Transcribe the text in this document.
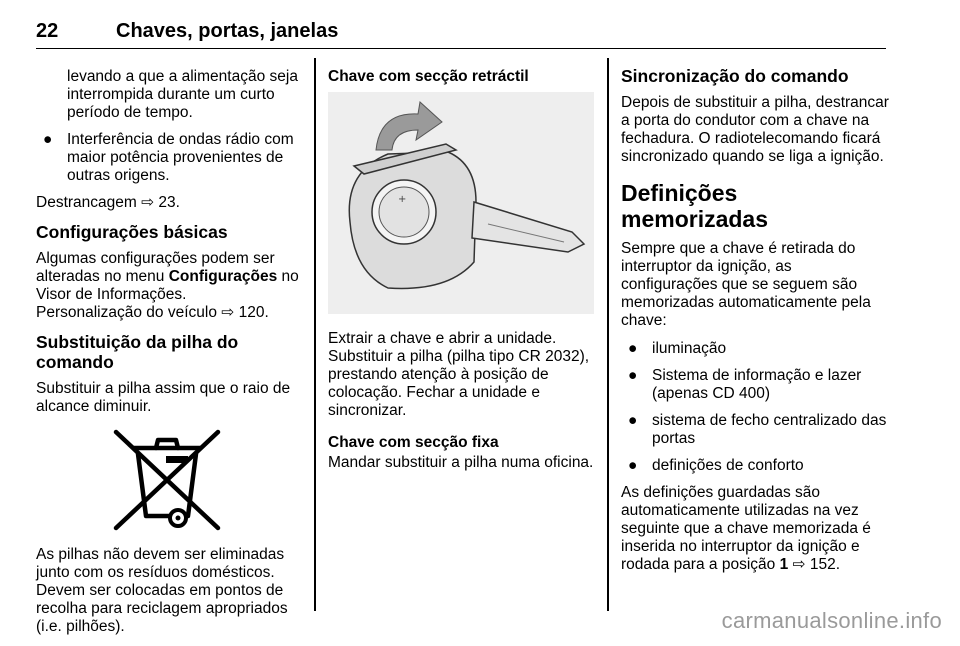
22	Chaves, portas, janelas

levando a que a alimentação seja interrompida durante um curto período de tempo.

● Interferência de ondas rádio com maior potência provenientes de outras origens.

Destrancagem ⇨ 23.

Configurações básicas

Algumas configurações podem ser alteradas no menu Configurações no Visor de Informações.
Personalização do veículo ⇨ 120.

Substituição da pilha do comando

Substituir a pilha assim que o raio de alcance diminuir.

As pilhas não devem ser eliminadas junto com os resíduos domésticos. Devem ser colocadas em pontos de recolha para reciclagem apropriados (i.e. pilhões).

Chave com secção retráctil
+

Extrair a chave e abrir a unidade. Substituir a pilha (pilha tipo CR 2032), prestando atenção à posição de colocação. Fechar a unidade e sincronizar.

Chave com secção fixa

Mandar substituir a pilha numa oficina.

Sincronização do comando

Depois de substituir a pilha, destrancar a porta do condutor com a chave na fechadura. O radiotelecomando ficará sincronizado quando se liga a ignição.

Definições memorizadas

Sempre que a chave é retirada do interruptor da ignição, as configurações que se seguem são memorizadas automaticamente pela chave:

● iluminação
● Sistema de informação e lazer (apenas CD 400)
● sistema de fecho centralizado das portas
● definições de conforto

As definições guardadas são automaticamente utilizadas na vez seguinte que a chave memorizada é inserida no interruptor da ignição e rodada para a posição 1 ⇨ 152.

carmanualsonline.info
